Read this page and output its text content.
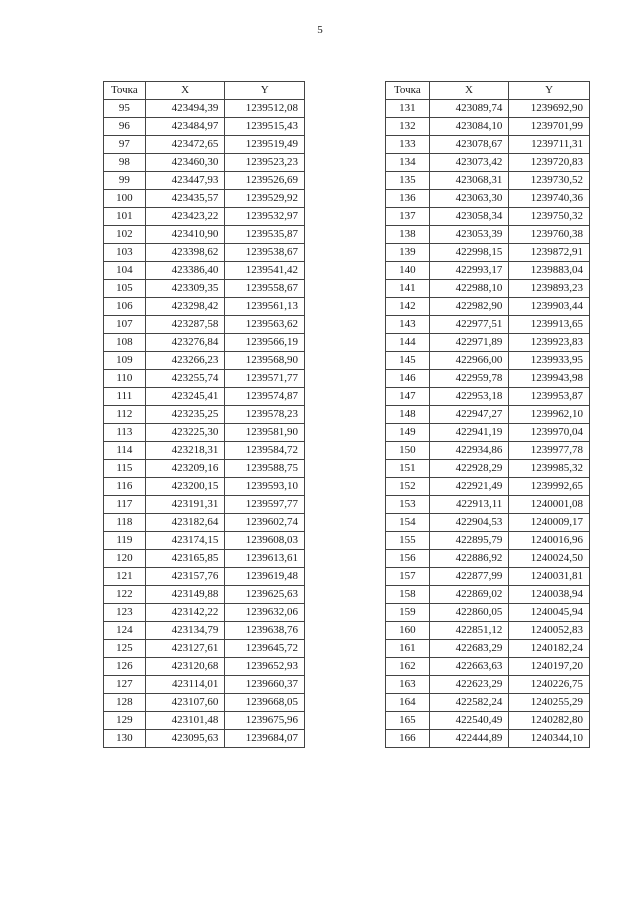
5
Точка	X	Y
95	423494,39	1239512,08
96	423484,97	1239515,43
97	423472,65	1239519,49
98	423460,30	1239523,23
99	423447,93	1239526,69
100	423435,57	1239529,92
101	423423,22	1239532,97
102	423410,90	1239535,87
103	423398,62	1239538,67
104	423386,40	1239541,42
105	423309,35	1239558,67
106	423298,42	1239561,13
107	423287,58	1239563,62
108	423276,84	1239566,19
109	423266,23	1239568,90
110	423255,74	1239571,77
111	423245,41	1239574,87
112	423235,25	1239578,23
113	423225,30	1239581,90
114	423218,31	1239584,72
115	423209,16	1239588,75
116	423200,15	1239593,10
117	423191,31	1239597,77
118	423182,64	1239602,74
119	423174,15	1239608,03
120	423165,85	1239613,61
121	423157,76	1239619,48
122	423149,88	1239625,63
123	423142,22	1239632,06
124	423134,79	1239638,76
125	423127,61	1239645,72
126	423120,68	1239652,93
127	423114,01	1239660,37
128	423107,60	1239668,05
129	423101,48	1239675,96
130	423095,63	1239684,07
Точка	X	Y
131	423089,74	1239692,90
132	423084,10	1239701,99
133	423078,67	1239711,31
134	423073,42	1239720,83
135	423068,31	1239730,52
136	423063,30	1239740,36
137	423058,34	1239750,32
138	423053,39	1239760,38
139	422998,15	1239872,91
140	422993,17	1239883,04
141	422988,10	1239893,23
142	422982,90	1239903,44
143	422977,51	1239913,65
144	422971,89	1239923,83
145	422966,00	1239933,95
146	422959,78	1239943,98
147	422953,18	1239953,87
148	422947,27	1239962,10
149	422941,19	1239970,04
150	422934,86	1239977,78
151	422928,29	1239985,32
152	422921,49	1239992,65
153	422913,11	1240001,08
154	422904,53	1240009,17
155	422895,79	1240016,96
156	422886,92	1240024,50
157	422877,99	1240031,81
158	422869,02	1240038,94
159	422860,05	1240045,94
160	422851,12	1240052,83
161	422683,29	1240182,24
162	422663,63	1240197,20
163	422623,29	1240226,75
164	422582,24	1240255,29
165	422540,49	1240282,80
166	422444,89	1240344,10
